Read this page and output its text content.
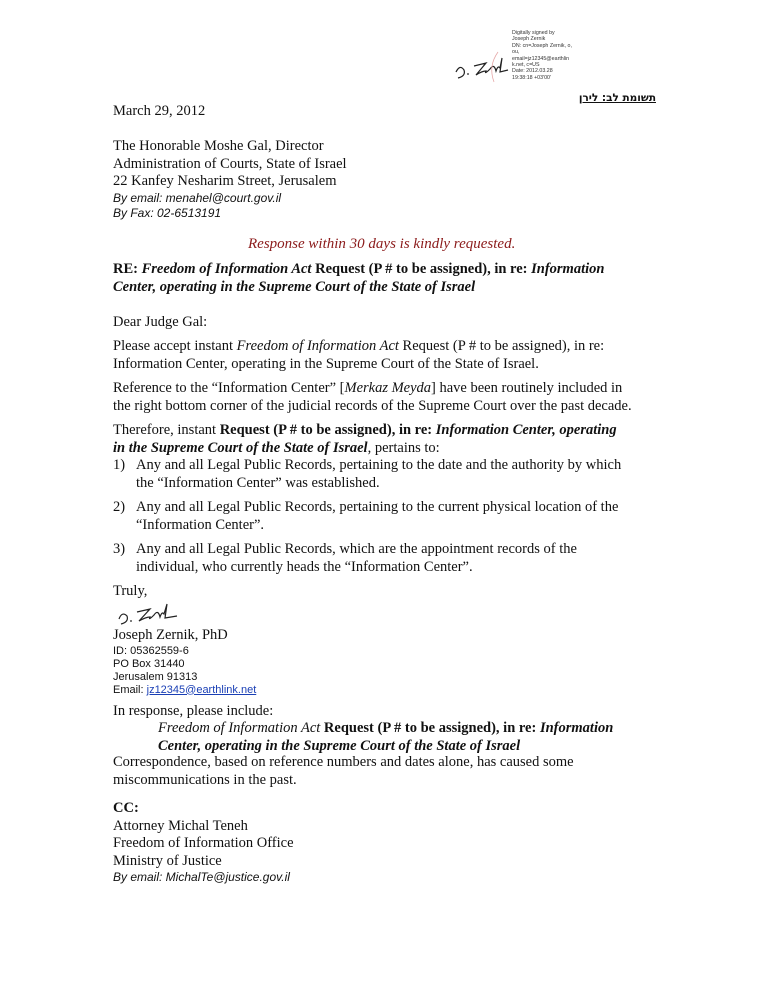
Digitally signed by
Joseph Zernik
DN: cn=Joseph Zernik, o,
ou,
email=jz12345@earthlin
k.net, c=US
Date: 2012.03.28
19:38:18 +03'00'
תשומת לב: לירן
March 29, 2012
The Honorable Moshe Gal, Director
Administration of Courts, State of Israel
22 Kanfey Nesharim Street, Jerusalem
By email: menahel@court.gov.il
By Fax: 02-6513191
Response within 30 days is kindly requested.
RE: Freedom of Information Act Request (P # to be assigned), in re: Information
Center, operating in the Supreme Court of the State of Israel
Dear Judge Gal:
Please accept instant Freedom of Information Act Request (P # to be assigned), in re:
Information Center, operating in the Supreme Court of the State of Israel.
Reference to the “Information Center” [Merkaz Meyda] have been routinely included in
the right bottom corner of the judicial records of the Supreme Court over the past decade.
Therefore, instant Request (P # to be assigned), in re: Information Center, operating
in the Supreme Court of the State of Israel, pertains to:
1) Any and all Legal Public Records, pertaining to the date and the authority by which
the “Information Center” was established.
2) Any and all Legal Public Records, pertaining to the current physical location of the
“Information Center”.
3) Any and all Legal Public Records, which are the appointment records of the
individual, who currently heads the “Information Center”.
Truly,
Joseph Zernik, PhD
ID: 05362559-6
PO Box 31440
Jerusalem 91313
Email: jz12345@earthlink.net
In response, please include:
Freedom of Information Act Request (P # to be assigned), in re: Information
Center, operating in the Supreme Court of the State of Israel
Correspondence, based on reference numbers and dates alone, has caused some
miscommunications in the past.
CC:
Attorney Michal Teneh
Freedom of Information Office
Ministry of Justice
By email: MichalTe@justice.gov.il
